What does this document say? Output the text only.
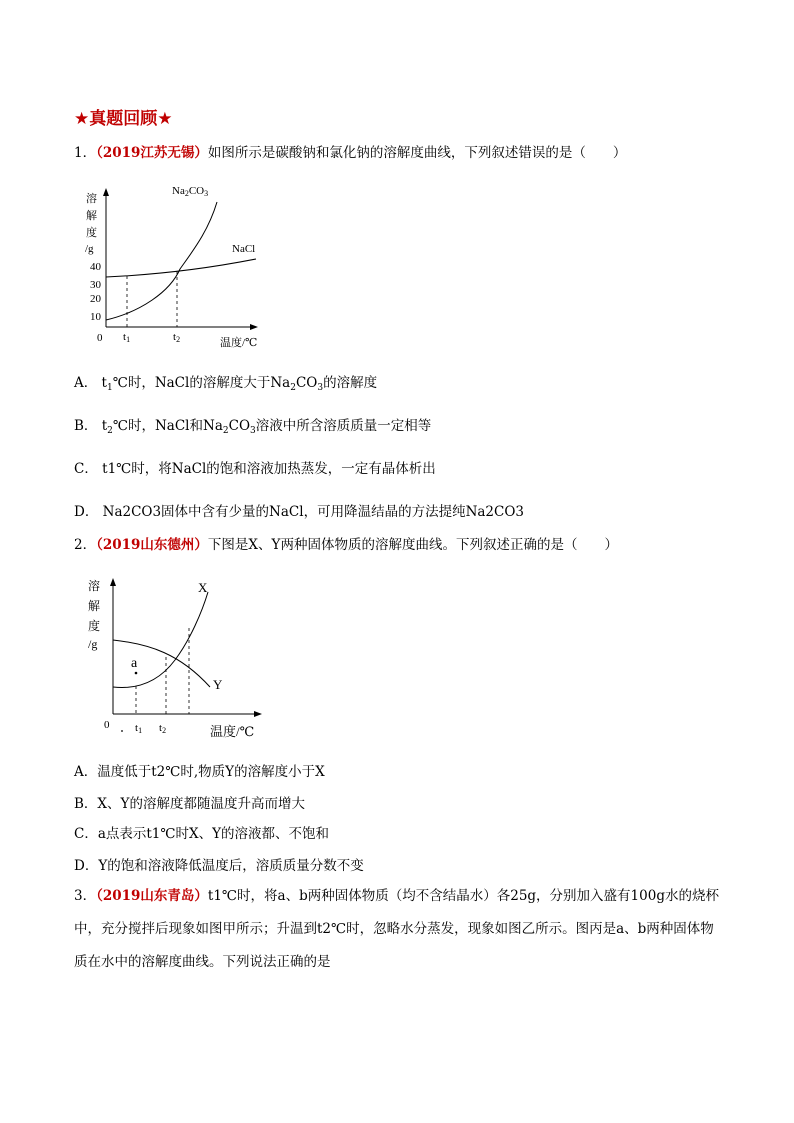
★真题回顾★
1．（2019江苏无锡）如图所示是碳酸钠和氯化钠的溶解度曲线，下列叙述错误的是（　　）
溶
解
度
/g
40
30
20
10
0 t1	t2	温度/℃
Na2CO3
NaCl
A． $t_1℃$时，NaCl的溶解度大于$Na_2CO_3$的溶解度
B． $t_2℃$时，NaCl和$Na_2CO_3$溶液中所含溶质质量一定相等
C． t1℃时，将NaCl的饱和溶液加热蒸发，一定有晶体析出
D． Na2CO3固体中含有少量的NaCl，可用降温结晶的方法提纯Na2CO3
2．（2019山东德州）下图是X、Y两种固体物质的溶解度曲线。下列叙述正确的是（　　）
溶
解
度
/g
0 t1 t2	温度/℃
X
Y
a
A．温度低于t2℃时,物质Y的溶解度小于X
B．X、Y的溶解度都随温度升高而增大
C．a点表示t1℃时X、Y的溶液都、不饱和
D．Y的饱和溶液降低温度后，溶质质量分数不变
3．（2019山东青岛）t1℃时，将a、b两种固体物质（均不含结晶水）各25g，分别加入盛有100g水的烧杯中，充分搅拌后现象如图甲所示；升温到t2℃时，忽略水分蒸发，现象如图乙所示。图丙是a、b两种固体物质在水中的溶解度曲线。下列说法正确的是
